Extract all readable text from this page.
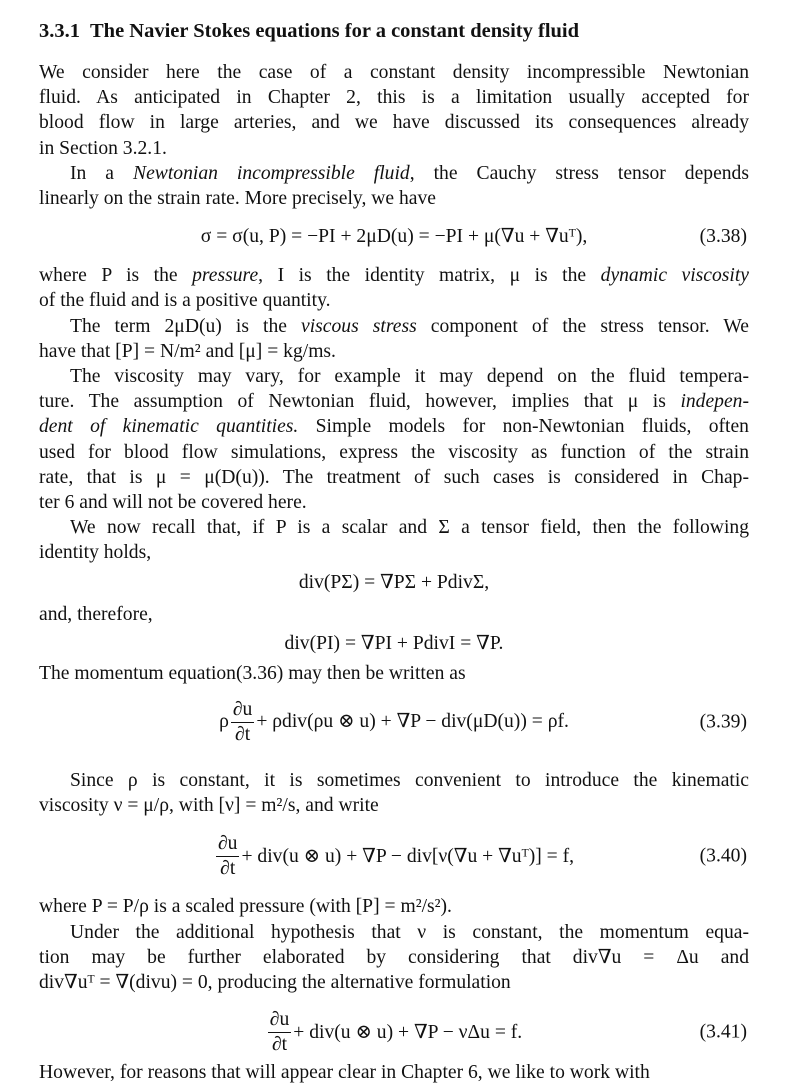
3.3.1 The Navier Stokes equations for a constant density fluid
We consider here the case of a constant density incompressible Newtonian
fluid. As anticipated in Chapter 2, this is a limitation usually accepted for
blood flow in large arteries, and we have discussed its consequences already
in Section 3.2.1.
In a Newtonian incompressible fluid, the Cauchy stress tensor depends
linearly on the strain rate. More precisely, we have
σ = σ(u, P) = −PI + 2μD(u) = −PI + μ(∇u + ∇uᵀ),	(3.38)
where P is the pressure, I is the identity matrix, μ is the dynamic viscosity
of the fluid and is a positive quantity.
The term 2μD(u) is the viscous stress component of the stress tensor. We
have that [P] = N/m² and [μ] = kg/ms.
The viscosity may vary, for example it may depend on the fluid tempera-
ture. The assumption of Newtonian fluid, however, implies that μ is indepen-
dent of kinematic quantities. Simple models for non-Newtonian fluids, often
used for blood flow simulations, express the viscosity as function of the strain
rate, that is μ = μ(D(u)). The treatment of such cases is considered in Chap-
ter 6 and will not be covered here.
We now recall that, if P is a scalar and Σ a tensor field, then the following
identity holds,
div(PΣ) = ∇PΣ + PdivΣ,
and, therefore,
div(PI) = ∇PI + PdivI = ∇P.
The momentum equation(3.36) may then be written as
ρ $\frac{\partial u}{\partial t} + \rho div(\rho u$ ⊗ u) + ∇P − div(μD(u)) = ρf.	(3.39)
Since ρ is constant, it is sometimes convenient to introduce the kinematic
viscosity ν = μ/ρ, with [ν] = m²/s, and write
$\frac{\partial u}{\partial t} + div(u$ ⊗ u) + ∇P − div[ν(∇u + ∇uᵀ)] = f,	(3.40)
where P = P/ρ is a scaled pressure (with [P] = m²/s²).
Under the additional hypothesis that ν is constant, the momentum equa-
tion may be further elaborated by considering that div∇u = Δu and
div∇uᵀ = ∇(divu) = 0, producing the alternative formulation
$\frac{\partial u}{\partial t} + div(u$ ⊗ u) + ∇P − νΔu = f.	(3.41)
However, for reasons that will appear clear in Chapter 6, we like to work with
